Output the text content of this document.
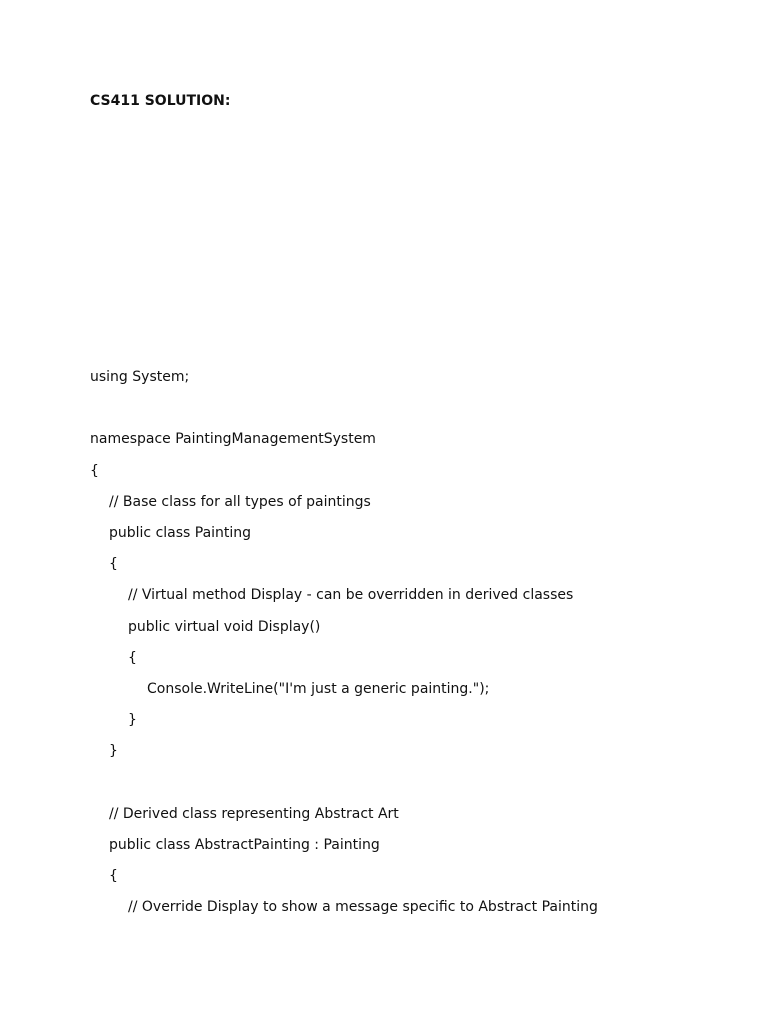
CS411 SOLUTION:
using System;
namespace PaintingManagementSystem
{
// Base class for all types of paintings
public class Painting
{
// Virtual method Display - can be overridden in derived classes
public virtual void Display()
{
Console.WriteLine("I'm just a generic painting.");
}
}
// Derived class representing Abstract Art
public class AbstractPainting : Painting
{
// Override Display to show a message specific to Abstract Painting
